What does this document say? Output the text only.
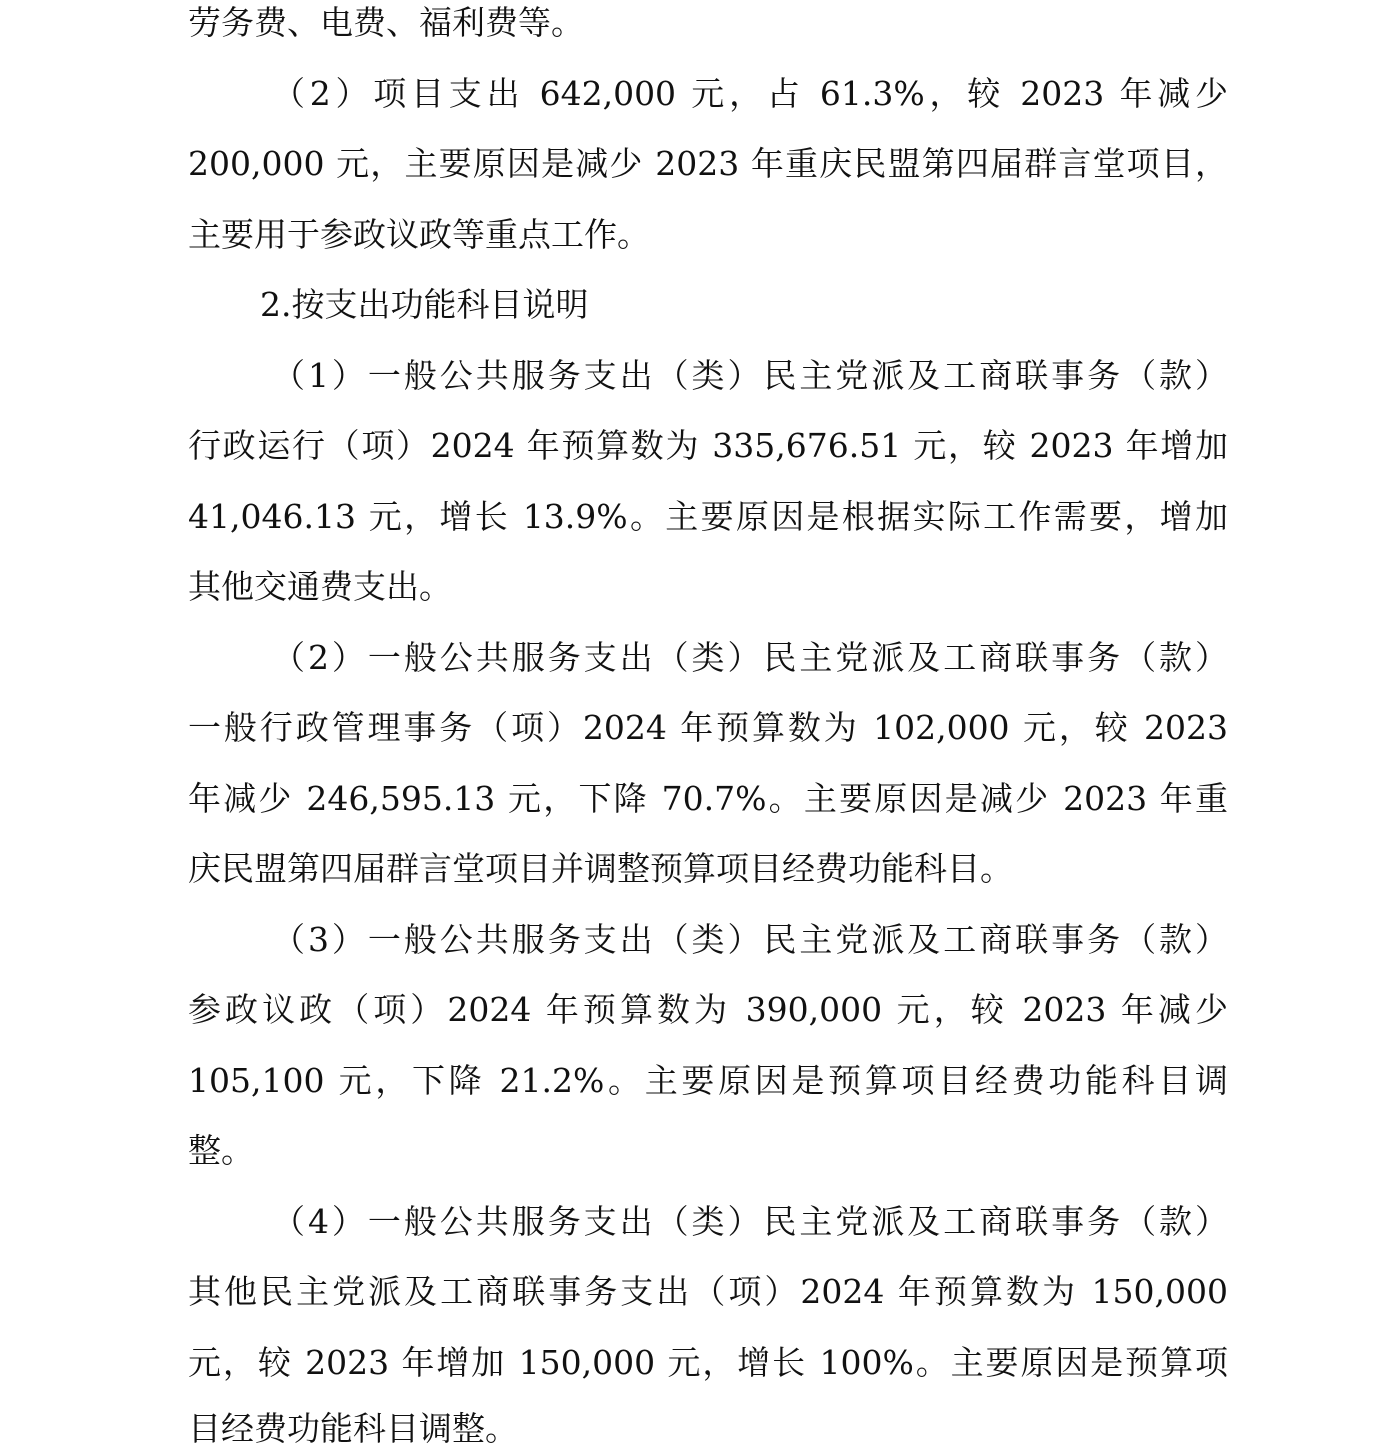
劳务费、电费、福利费等。
（2）项目支出 642,000 元，占 61.3%，较 2023 年减少
200,000 元，主要原因是减少 2023 年重庆民盟第四届群言堂项目，
主要用于参政议政等重点工作。
2.按支出功能科目说明
（1）一般公共服务支出（类）民主党派及工商联事务（款）
行政运行（项）2024 年预算数为 335,676.51 元，较 2023 年增加
41,046.13 元，增长 13.9%。主要原因是根据实际工作需要，增加
其他交通费支出。
（2）一般公共服务支出（类）民主党派及工商联事务（款）
一般行政管理事务（项）2024 年预算数为 102,000 元，较 2023
年减少 246,595.13 元，下降 70.7%。主要原因是减少 2023 年重
庆民盟第四届群言堂项目并调整预算项目经费功能科目。
（3）一般公共服务支出（类）民主党派及工商联事务（款）
参政议政（项）2024 年预算数为 390,000 元，较 2023 年减少
105,100 元，下降 21.2%。主要原因是预算项目经费功能科目调
整。
（4）一般公共服务支出（类）民主党派及工商联事务（款）
其他民主党派及工商联事务支出（项）2024 年预算数为 150,000
元，较 2023 年增加 150,000 元，增长 100%。主要原因是预算项
目经费功能科目调整。
